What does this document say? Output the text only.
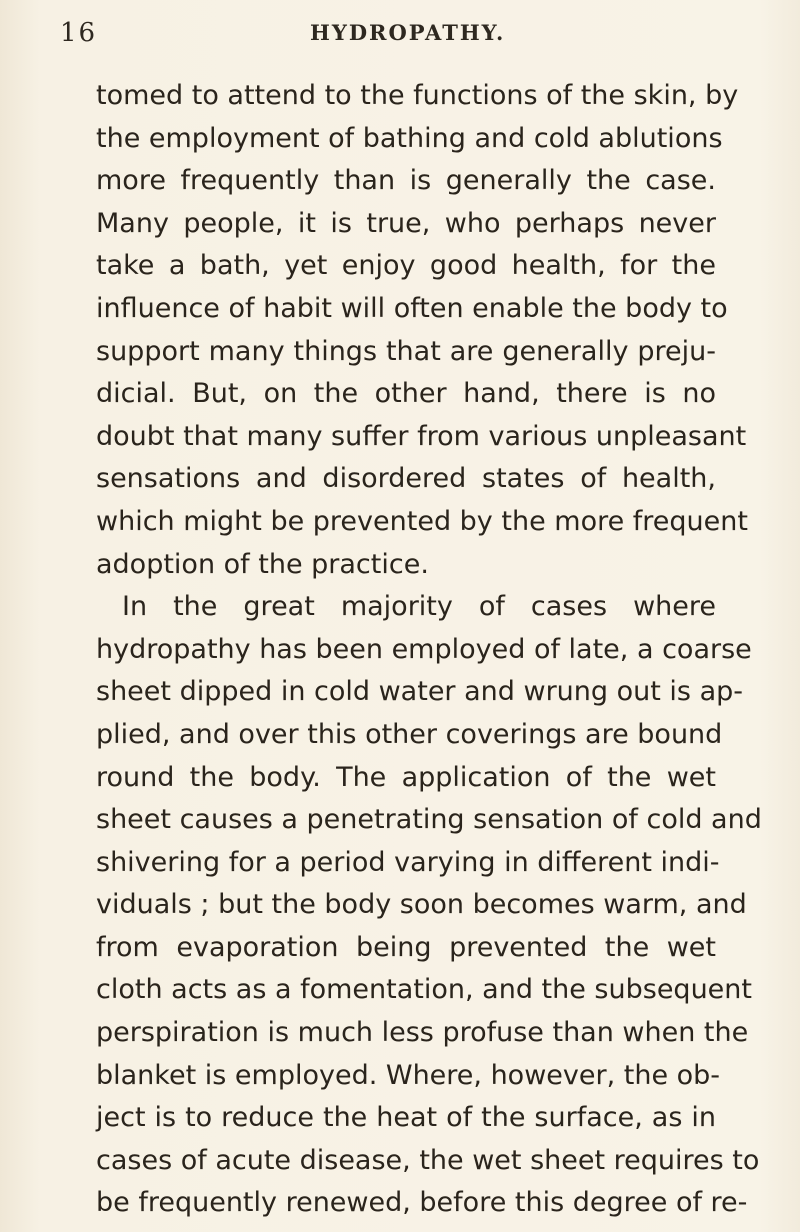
16	HYDROPATHY.
tomed to attend to the functions of the skin, by
the employment of bathing and cold ablutions
more frequently than is generally the case.
Many people, it is true, who perhaps never
take a bath, yet enjoy good health, for the
influence of habit will often enable the body to
support many things that are generally preju-
dicial. But, on the other hand, there is no
doubt that many suffer from various unpleasant
sensations and disordered states of health,
which might be prevented by the more frequent
adoption of the practice.
In the great majority of cases where
hydropathy has been employed of late, a coarse
sheet dipped in cold water and wrung out is ap-
plied, and over this other coverings are bound
round the body. The application of the wet
sheet causes a penetrating sensation of cold and
shivering for a period varying in different indi-
viduals ; but the body soon becomes warm, and
from evaporation being prevented the wet
cloth acts as a fomentation, and the subsequent
perspiration is much less profuse than when the
blanket is employed. Where, however, the ob-
ject is to reduce the heat of the surface, as in
cases of acute disease, the wet sheet requires to
be frequently renewed, before this degree of re-
